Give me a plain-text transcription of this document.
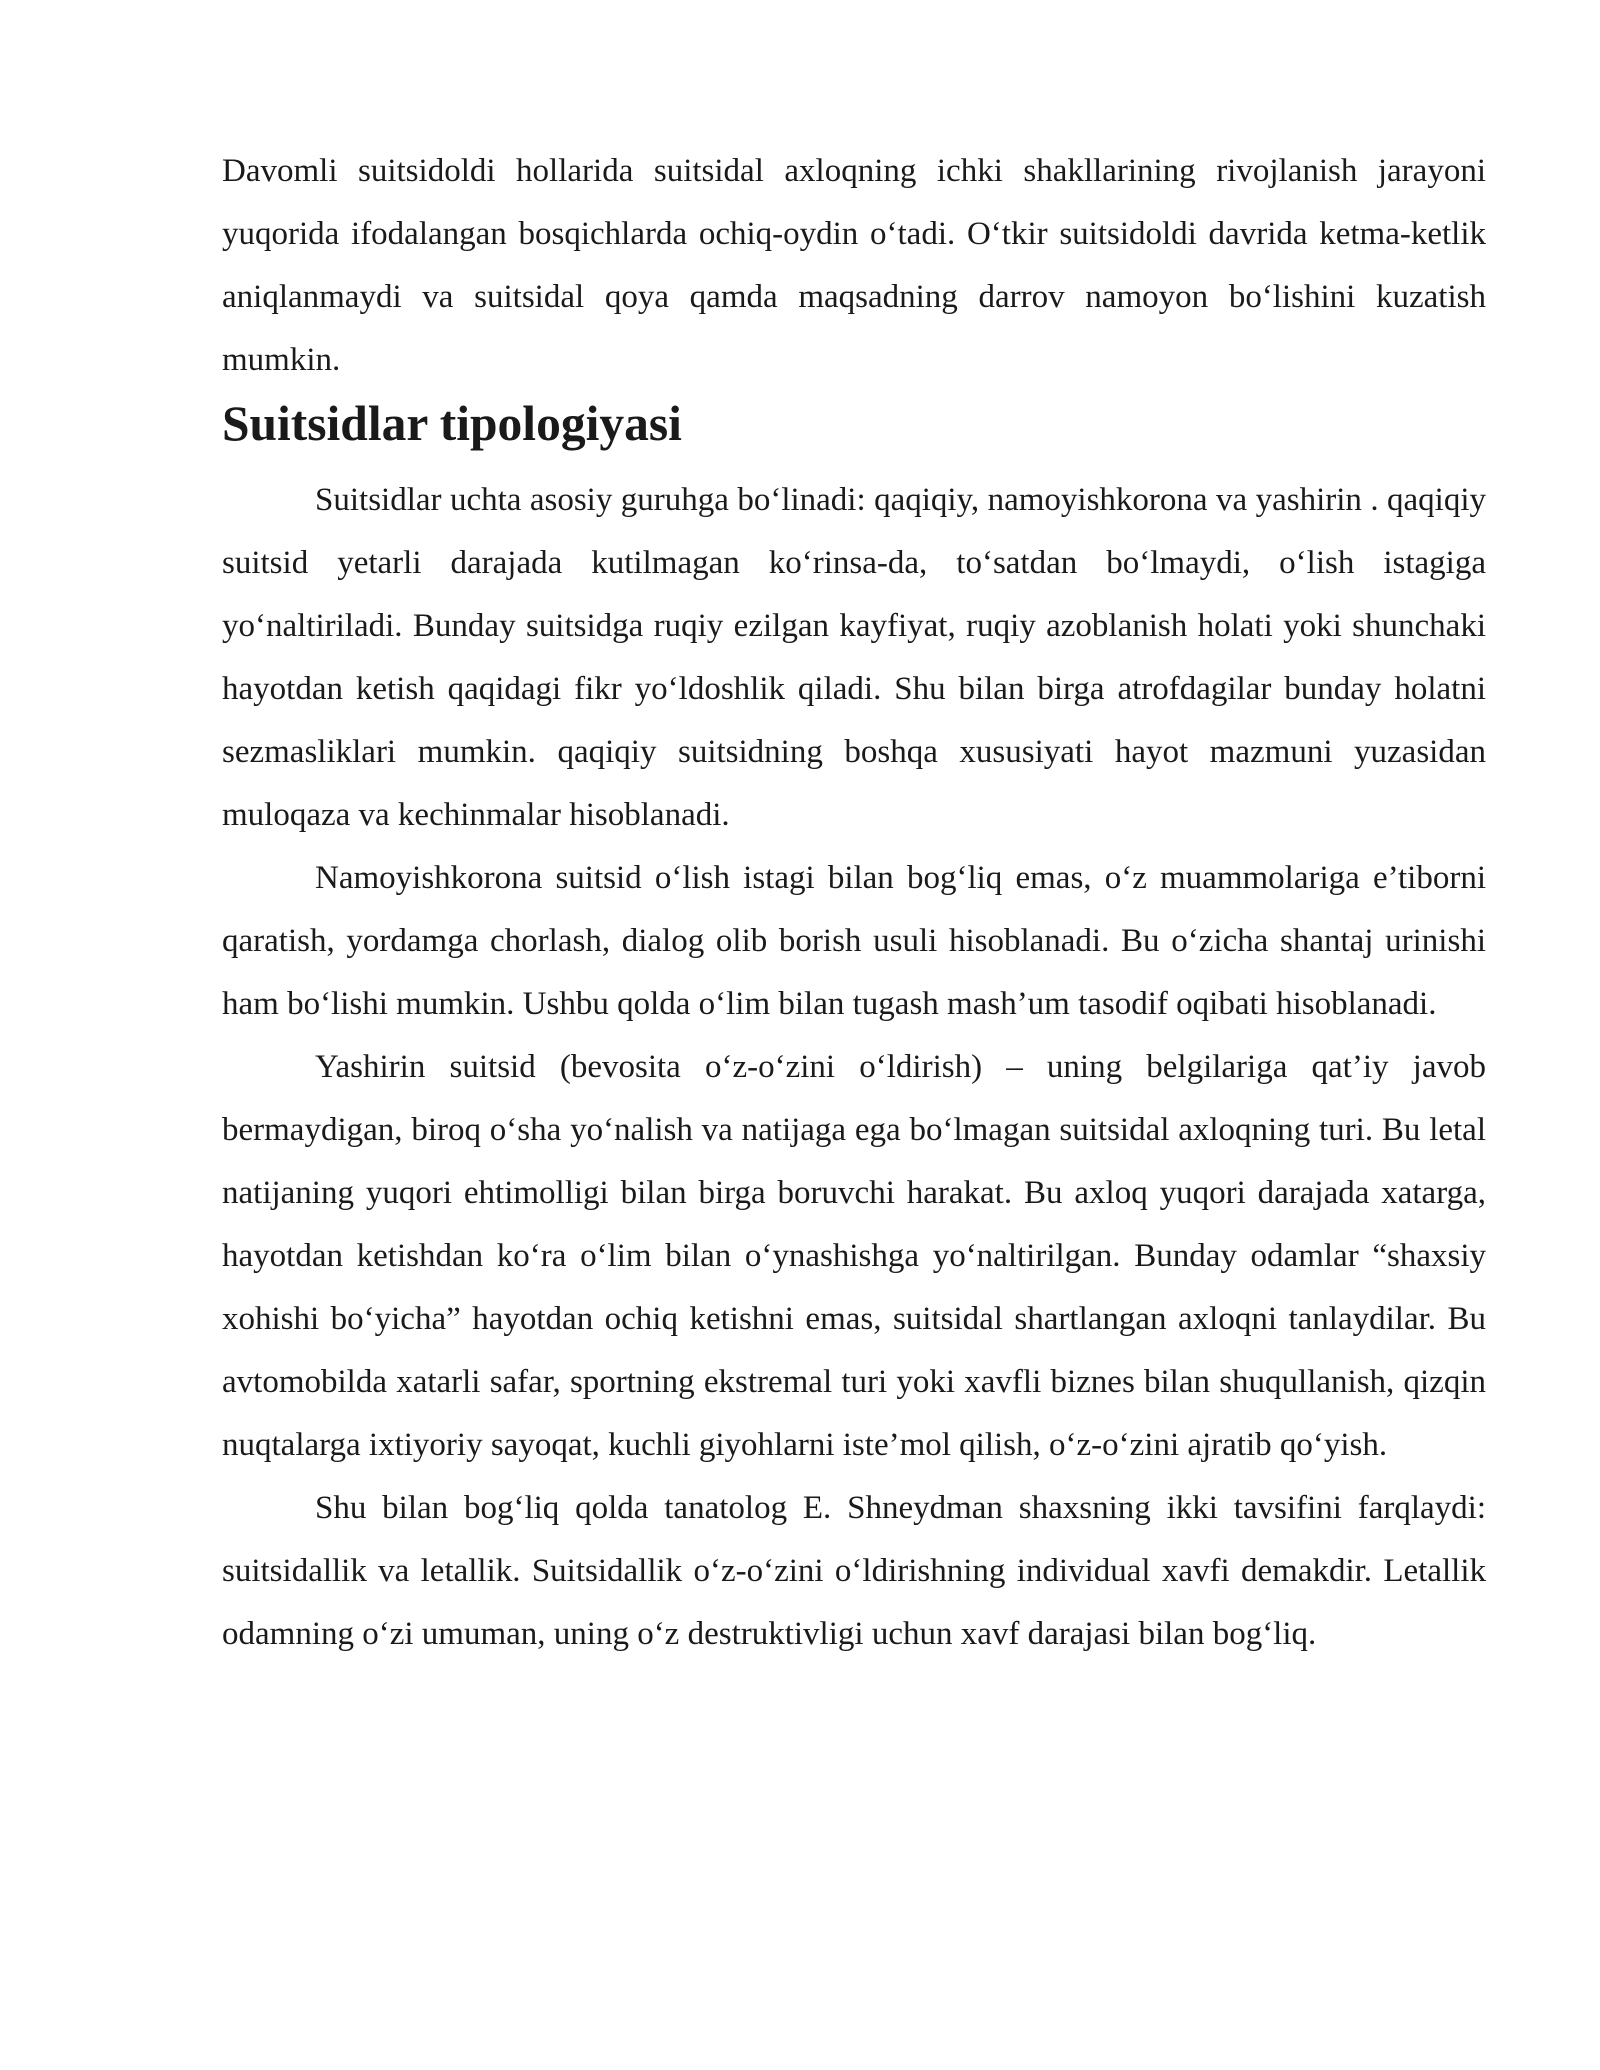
Davomli suitsidoldi hollarida suitsidal axloqning ichki shakllarining rivojlanish jarayoni yuqorida ifodalangan bosqichlarda ochiq-oydin o‘tadi. O‘tkir suitsidoldi davrida ketma-ketlik aniqlanmaydi va suitsidal qoya qamda maqsadning darrov namoyon bo‘lishini kuzatish mumkin.

Suitsidlar tipologiyasi

Suitsidlar uchta asosiy guruhga bo‘linadi: qaqiqiy, namoyishkorona va yashirin . qaqiqiy suitsid yetarli darajada kutilmagan ko‘rinsa-da, to‘satdan bo‘lmaydi, o‘lish istagiga yo‘naltiriladi. Bunday suitsidga ruqiy ezilgan kayfiyat, ruqiy azoblanish holati yoki shunchaki hayotdan ketish qaqidagi fikr yo‘ldoshlik qiladi. Shu bilan birga atrofdagilar bunday holatni sezmasliklari mumkin. qaqiqiy suitsidning boshqa xususiyati hayot mazmuni yuzasidan muloqaza va kechinmalar hisoblanadi.

Namoyishkorona suitsid o‘lish istagi bilan bog‘liq emas, o‘z muammolariga e’tiborni qaratish, yordamga chorlash, dialog olib borish usuli hisoblanadi. Bu o‘zicha shantaj urinishi ham bo‘lishi mumkin. Ushbu qolda o‘lim bilan tugash mash’um tasodif oqibati hisoblanadi.

Yashirin suitsid (bevosita o‘z-o‘zini o‘ldirish) – uning belgilariga qat’iy javob bermaydigan, biroq o‘sha yo‘nalish va natijaga ega bo‘lmagan suitsidal axloqning turi. Bu letal natijaning yuqori ehtimolligi bilan birga boruvchi harakat. Bu axloq yuqori darajada xatarga, hayotdan ketishdan ko‘ra o‘lim bilan o‘ynashishga yo‘naltirilgan. Bunday odamlar “shaxsiy xohishi bo‘yicha” hayotdan ochiq ketishni emas, suitsidal shartlangan axloqni tanlaydilar. Bu avtomobilda xatarli safar, sportning ekstremal turi yoki xavfli biznes bilan shuqullanish, qizqin nuqtalarga ixtiyoriy sayoqat, kuchli giyohlarni iste’mol qilish, o‘z-o‘zini ajratib qo‘yish.

Shu bilan bog‘liq qolda tanatolog E. Shneydman shaxsning ikki tavsifini farqlaydi: suitsidallik va letallik. Suitsidallik o‘z-o‘zini o‘ldirishning individual xavfi demakdir. Letallik odamning o‘zi umuman, uning o‘z destruktivligi uchun xavf darajasi bilan bog‘liq.
